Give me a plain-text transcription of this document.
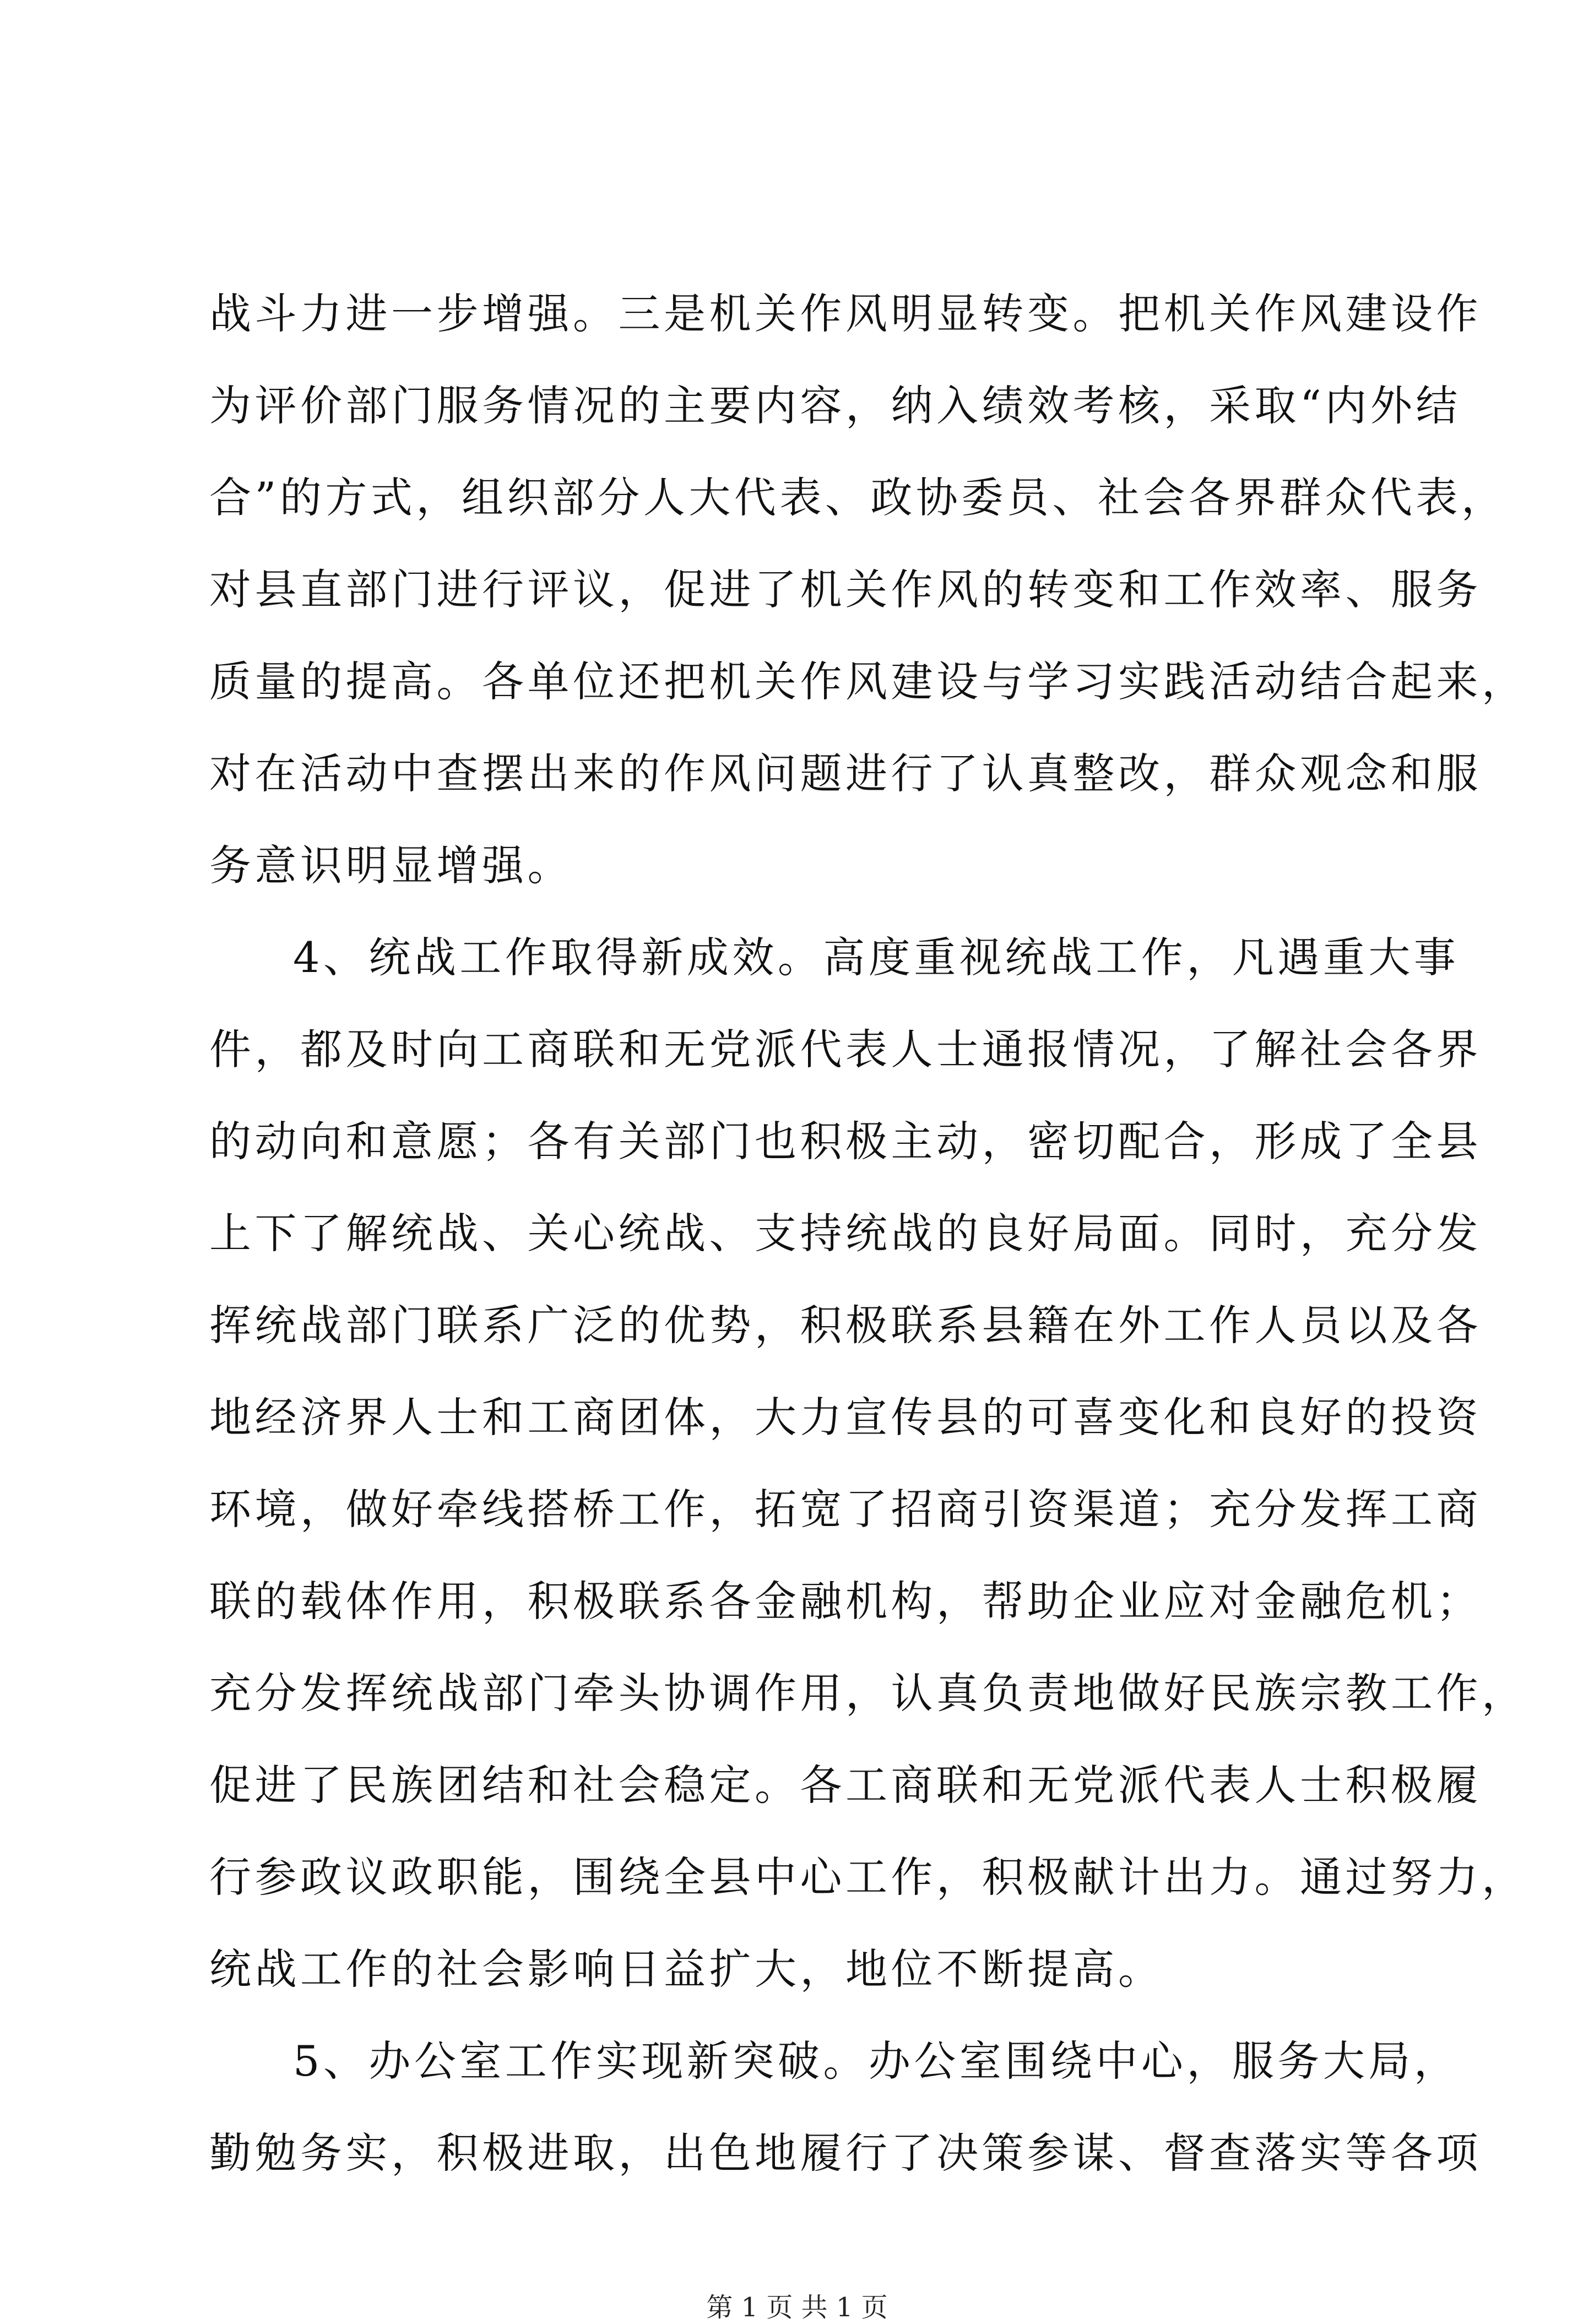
战斗力进一步增强。三是机关作风明显转变。把机关作风建设作
为评价部门服务情况的主要内容，纳入绩效考核，采取“内外结
合”的方式，组织部分人大代表、政协委员、社会各界群众代表，
对县直部门进行评议，促进了机关作风的转变和工作效率、服务
质量的提高。各单位还把机关作风建设与学习实践活动结合起来，
对在活动中查摆出来的作风问题进行了认真整改，群众观念和服
务意识明显增强。
4、统战工作取得新成效。高度重视统战工作，凡遇重大事
件，都及时向工商联和无党派代表人士通报情况，了解社会各界
的动向和意愿；各有关部门也积极主动，密切配合，形成了全县
上下了解统战、关心统战、支持统战的良好局面。同时，充分发
挥统战部门联系广泛的优势，积极联系县籍在外工作人员以及各
地经济界人士和工商团体，大力宣传县的可喜变化和良好的投资
环境，做好牵线搭桥工作，拓宽了招商引资渠道；充分发挥工商
联的载体作用，积极联系各金融机构，帮助企业应对金融危机；
充分发挥统战部门牵头协调作用，认真负责地做好民族宗教工作，
促进了民族团结和社会稳定。各工商联和无党派代表人士积极履
行参政议政职能，围绕全县中心工作，积极献计出力。通过努力，
统战工作的社会影响日益扩大，地位不断提高。
5、办公室工作实现新突破。办公室围绕中心，服务大局，
勤勉务实，积极进取，出色地履行了决策参谋、督查落实等各项
第 1 页 共 1 页
